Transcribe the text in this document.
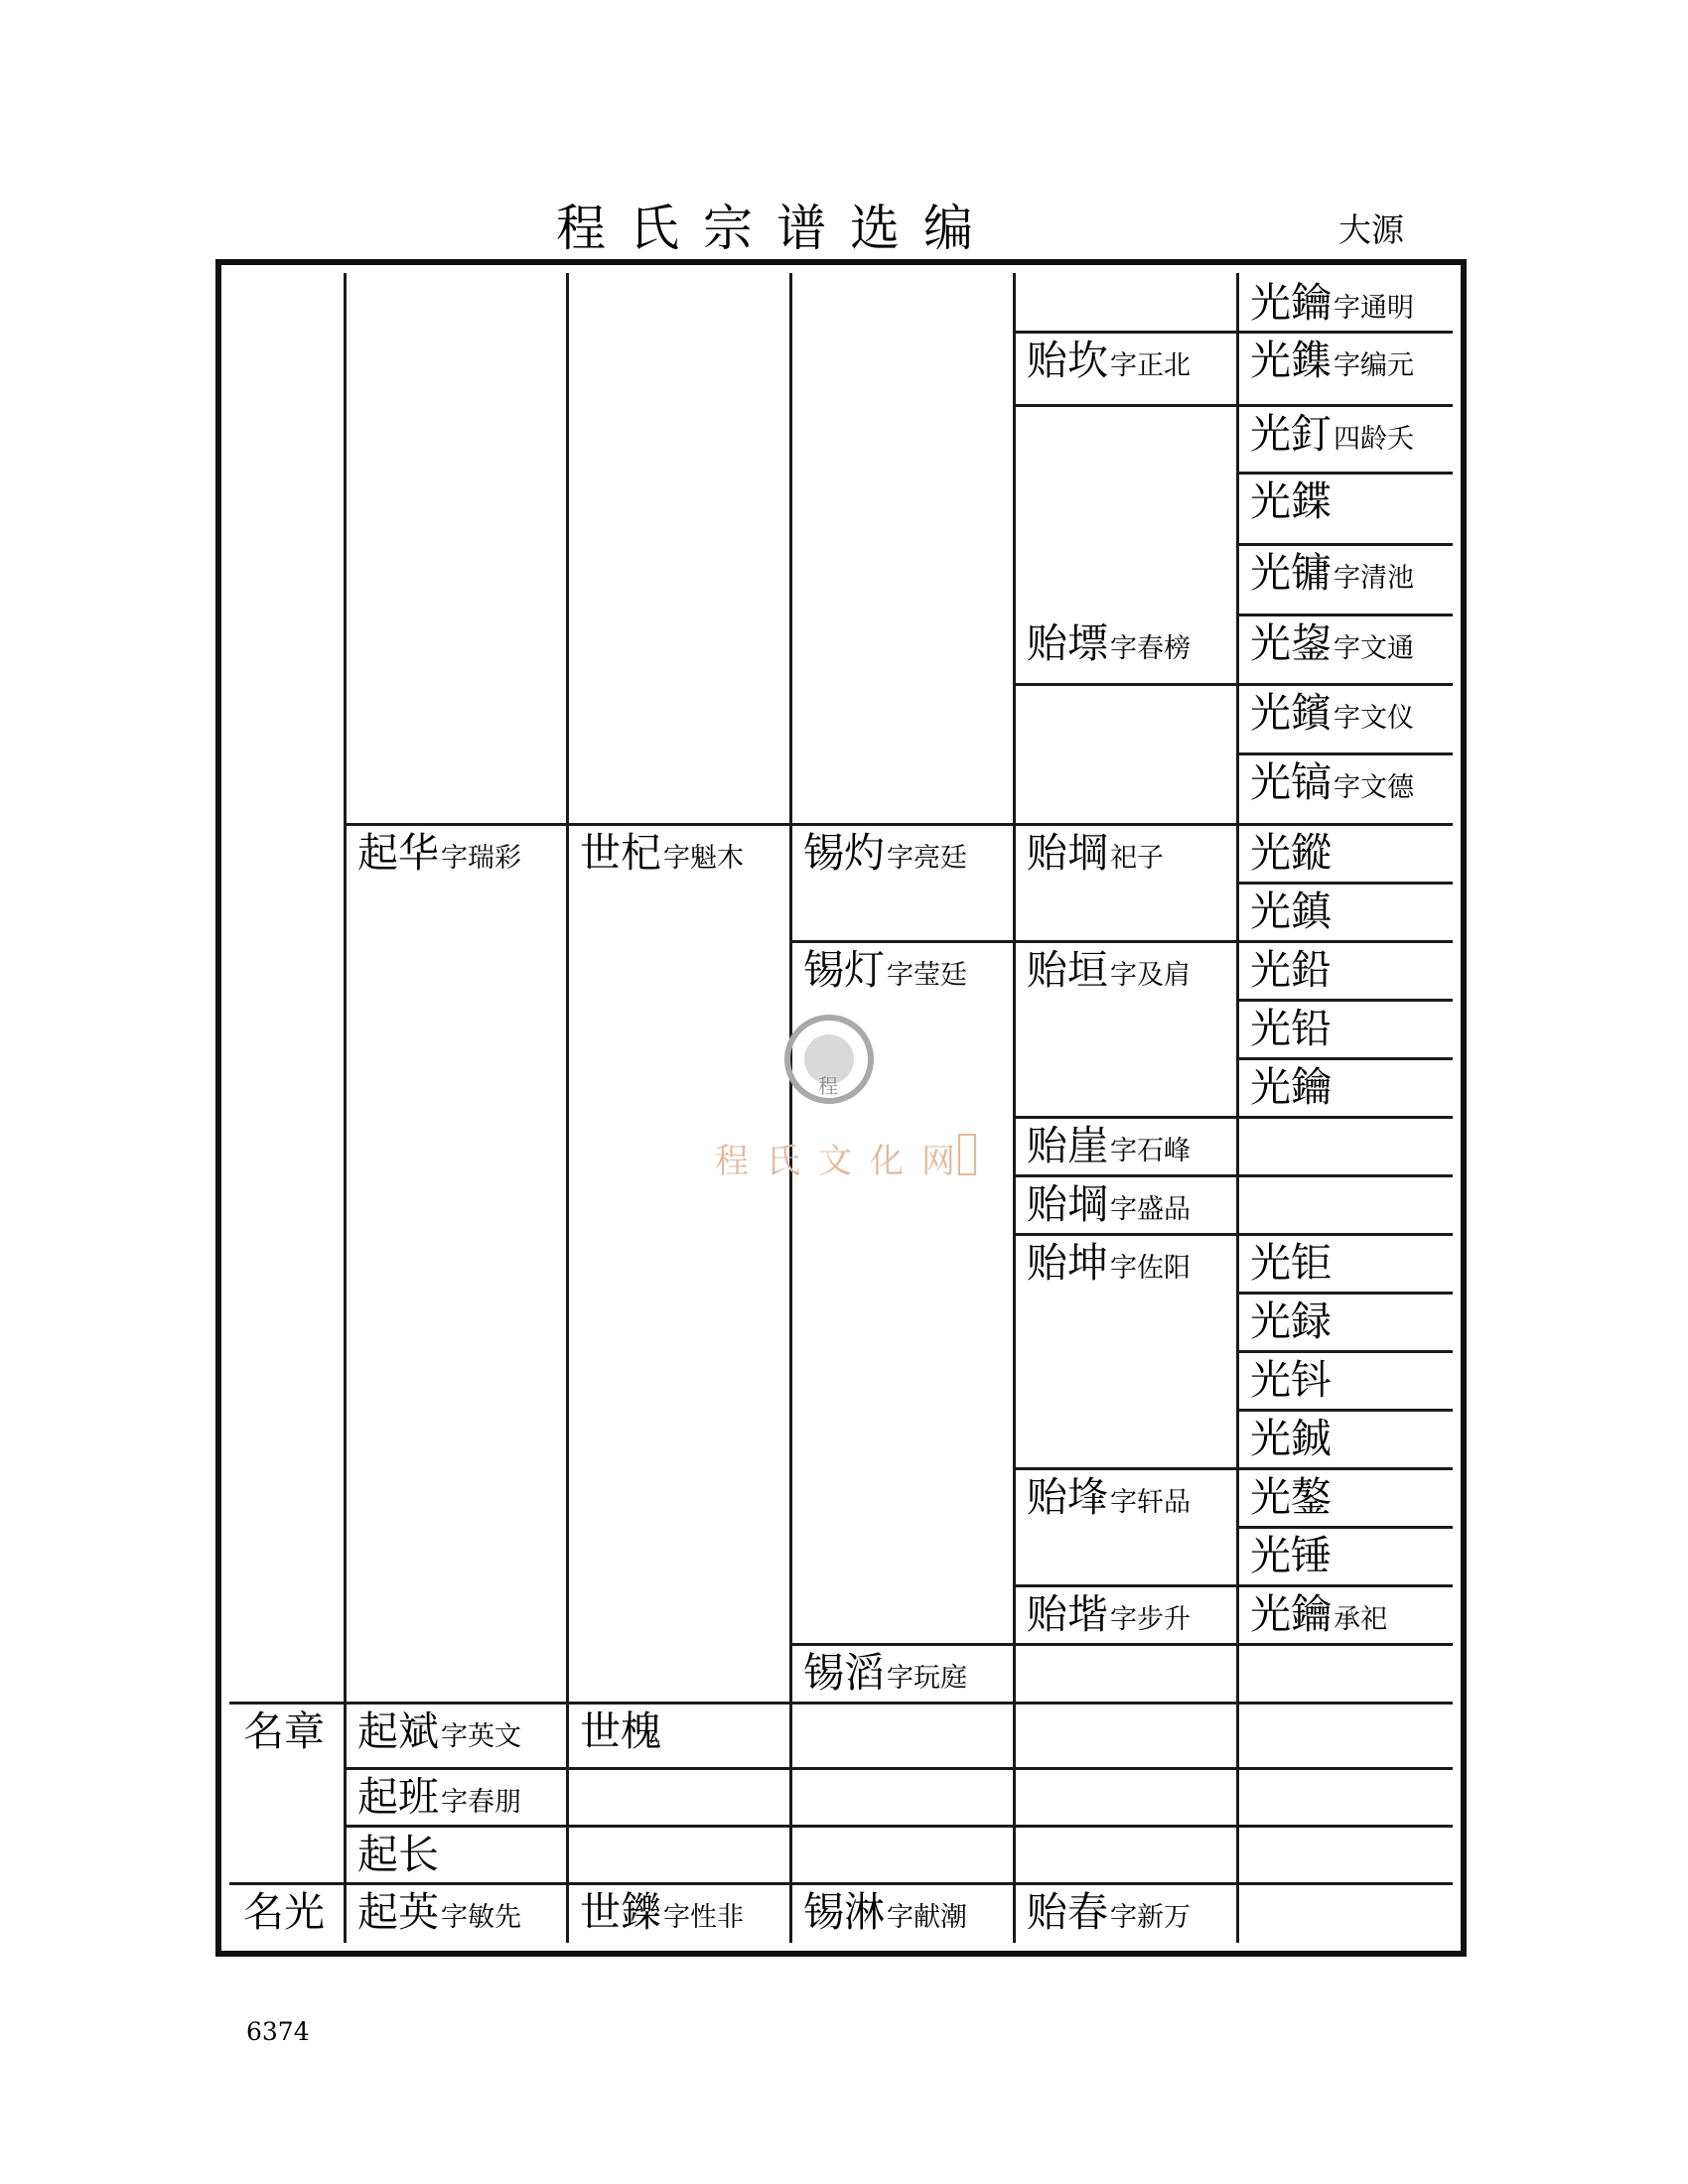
程氏宗谱选编	大源
光鑰字通明
贻坎字正北 光鏶字编元
光釘四龄夭
光鍱
光镛字清池
贻墂字春榜 光鋆字文通
光鑌字文仪
光镐字文德
起华字瑞彩 世杞字魁木 锡灼字亮廷 贻堈祀子 光鏦
光鎮
锡灯字莹廷 贻垣字及肩 光鉛
光铅
光鑰
贻崖字石峰
贻堈字盛品
贻坤字佐阳 光钜
光録
光钭
光鋮
贻埄字轩品 光鏊
光锤
贻堦字步升 光鑰承祀
锡滔字玩庭
名章 起斌字英文 世槐
起班字春朋
起长
名光 起英字敏先 世鑠字性非 锡淋字献潮 贻春字新万
程
程氏文化网
6374
